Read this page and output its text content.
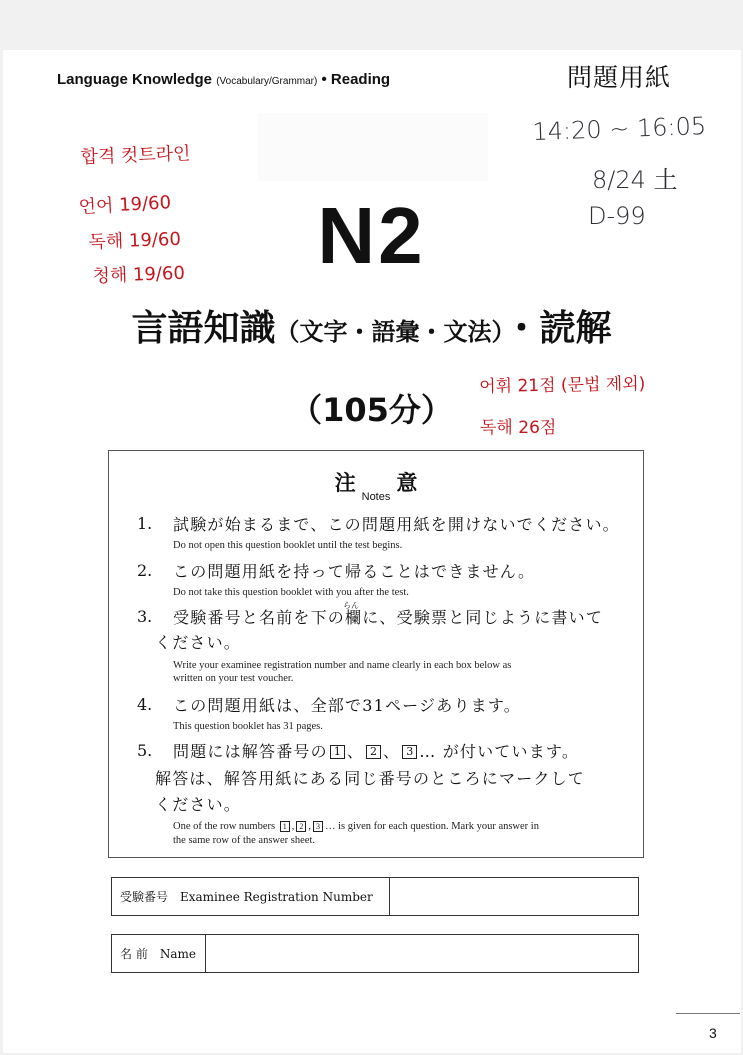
Language Knowledge (Vocabulary/Grammar) • Reading	問題用紙
N2
言語知識（文字・語彙・文法）・読解
（105分）
注$_{Notes}$意
1. 試験が始まるまで、この問題用紙を開けないでください。
Do not open this question booklet until the test begins.
2. この問題用紙を持って帰ることはできません。
Do not take this question booklet with you after the test.
3. 受験番号と名前を下の
らん
欄に、受験票と同じように書いて
ください。
Write your examinee registration number and name clearly in each box below as
written on your test voucher.
4. この問題用紙は、全部で31ページあります。
This question booklet has 31 pages.
5. 問題には解答番号の 1 、 2 、 3 … が付いています。
解答は、解答用紙にある同じ番号のところにマークして
ください。
One of the row numbers 1 , 2 , 3 … is given for each question. Mark your answer in
the same row of the answer sheet.
受験番号　Examinee Registration Number
名 前　Name
3
합격 컷트라인
언어 19/60
독해 19/60
청해 19/60
14:20 ~ 16:05
8/24 土
D-99
어휘 21점 (문법 제외)
독해 26점
